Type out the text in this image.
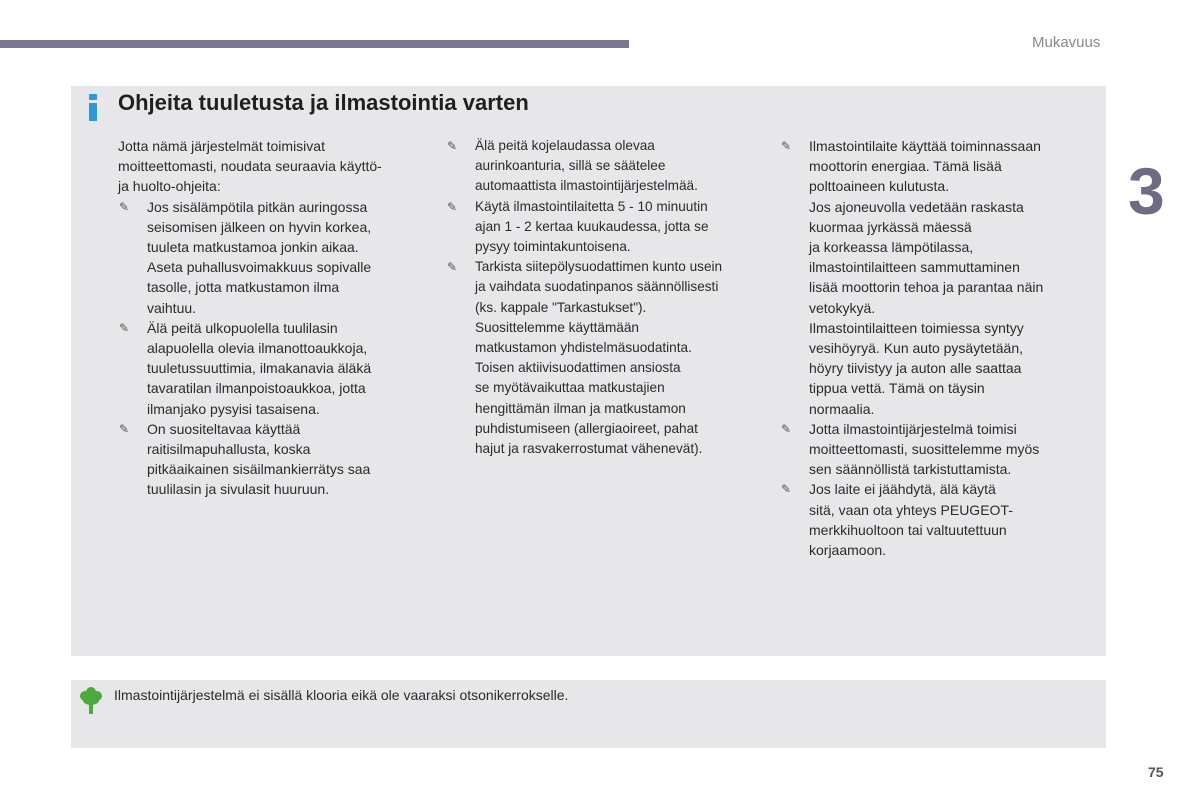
Mukavuus
3
Ohjeita tuuletusta ja ilmastointia varten

Jotta nämä järjestelmät toimisivat
moitteettomasti, noudata seuraavia käyttö-
ja huolto-ohjeita:

✎ Jos sisälämpötila pitkän auringossa
seisomisen jälkeen on hyvin korkea,
tuuleta matkustamoa jonkin aikaa.
Aseta puhallusvoimakkuus sopivalle
tasolle, jotta matkustamon ilma
vaihtuu.

✎ Älä peitä ulkopuolella tuulilasin
alapuolella olevia ilmanottoaukkoja,
tuuletussuuttimia, ilmakanavia äläkä
tavaratilan ilmanpoistoaukkoa, jotta
ilmanjako pysyisi tasaisena.

✎ On suositeltavaa käyttää
raitisilmapuhallusta, koska
pitkäaikainen sisäilmankierrätys saa
tuulilasin ja sivulasit huuruun.

✎ Älä peitä kojelaudassa olevaa
aurinkoanturia, sillä se säätelee
automaattista ilmastointijärjestelmää.

✎ Käytä ilmastointilaitetta 5 - 10 minuutin
ajan 1 - 2 kertaa kuukaudessa, jotta se
pysyy toimintakuntoisena.

✎ Tarkista siitepölysuodattimen kunto usein
ja vaihdata suodatinpanos säännöllisesti
(ks. kappale "Tarkastukset").
Suosittelemme käyttämään
matkustamon yhdistelmäsuodatinta.
Toisen aktiivisuodattimen ansiosta
se myötävaikuttaa matkustajien
hengittämän ilman ja matkustamon
puhdistumiseen (allergiaoireet, pahat
hajut ja rasvakerrostumat vähenevät).

✎ Ilmastointilaite käyttää toiminnassaan
moottorin energiaa. Tämä lisää
polttoaineen kulutusta.
Jos ajoneuvolla vedetään raskasta
kuormaa jyrkässä mäessä
ja korkeassa lämpötilassa,
ilmastointilaitteen sammuttaminen
lisää moottorin tehoa ja parantaa näin
vetokykyä.
Ilmastointilaitteen toimiessa syntyy
vesihöyryä. Kun auto pysäytetään,
höyry tiivistyy ja auton alle saattaa
tippua vettä. Tämä on täysin
normaalia.

✎ Jotta ilmastointijärjestelmä toimisi
moitteettomasti, suosittelemme myös
sen säännöllistä tarkistuttamista.

✎ Jos laite ei jäähdytä, älä käytä
sitä, vaan ota yhteys PEUGEOT-
merkkihuoltoon tai valtuutettuun
korjaamoon.

Ilmastointijärjestelmä ei sisällä klooria eikä ole vaaraksi otsonikerrokselle.
75
